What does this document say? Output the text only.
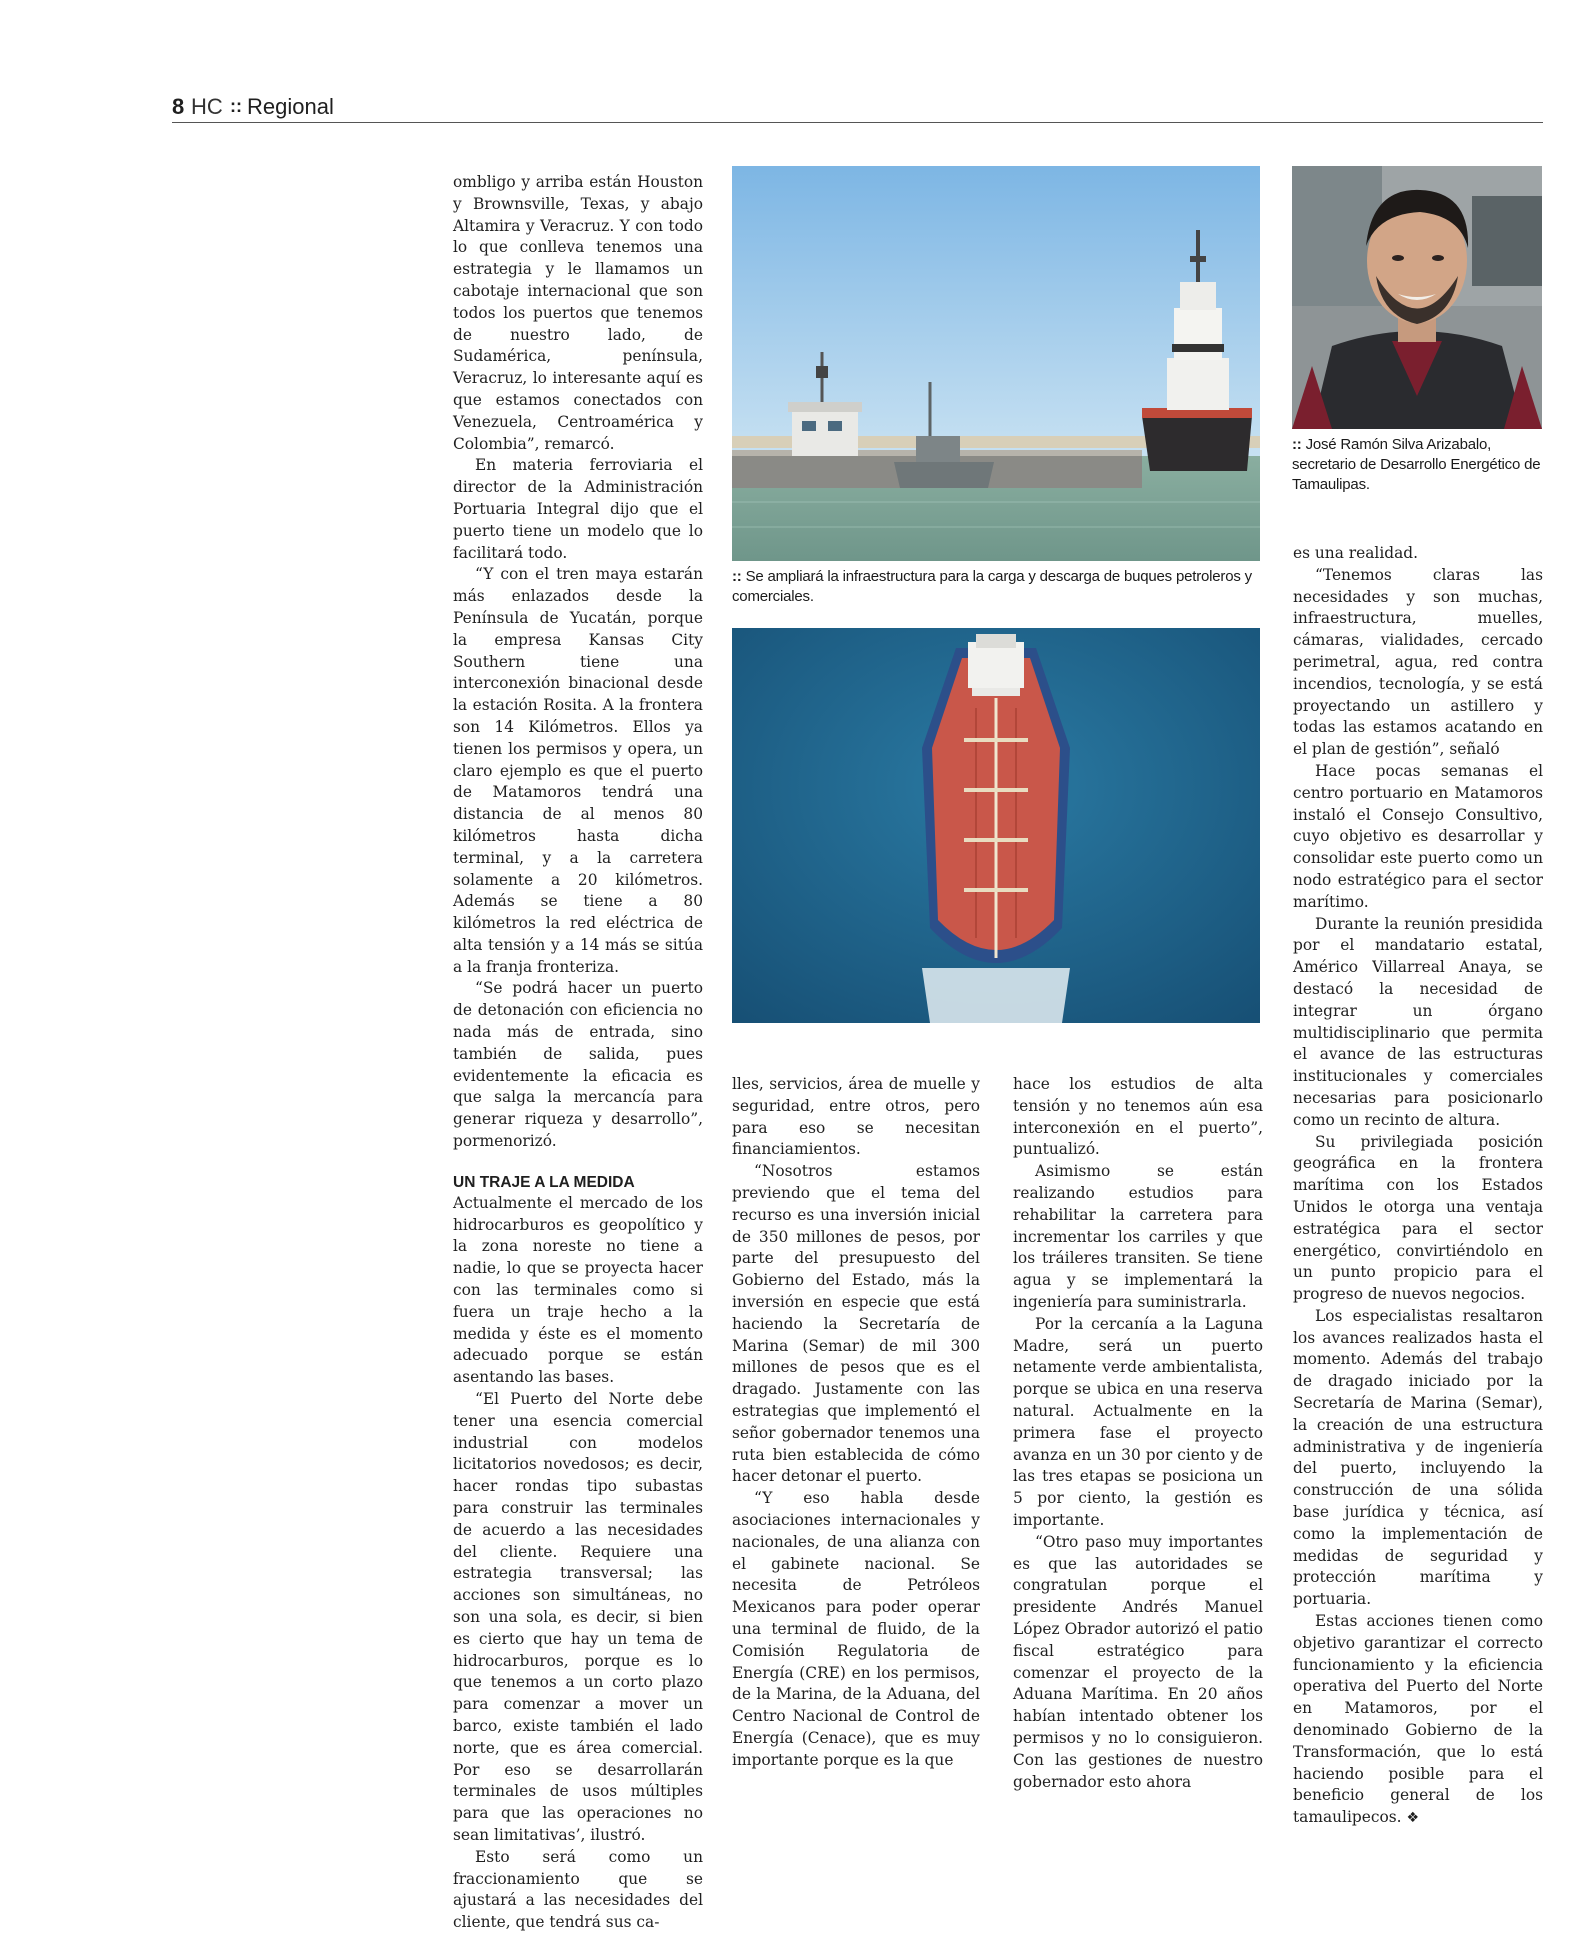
8 HC :: Regional

ombligo y arriba están Houston y Brownsville, Texas, y abajo Altamira y Veracruz. Y con todo lo que conlleva tenemos una estrategia y le llamamos un cabotaje internacional que son todos los puertos que tenemos de nuestro lado, de Sudamérica, península, Veracruz, lo interesante aquí es que estamos conectados con Venezuela, Centroamérica y Colombia”, remarcó.

En materia ferroviaria el director de la Administración Portuaria Integral dijo que el puerto tiene un modelo que lo facilitará todo.

“Y con el tren maya estarán más enlazados desde la Península de Yucatán, porque la empresa Kansas City Southern tiene una interconexión binacional desde la estación Rosita. A la frontera son 14 Kilómetros. Ellos ya tienen los permisos y opera, un claro ejemplo es que el puerto de Matamoros tendrá una distancia de al menos 80 kilómetros hasta dicha terminal, y a la carretera solamente a 20 kilómetros. Además se tiene a 80 kilómetros la red eléctrica de alta tensión y a 14 más se sitúa a la franja fronteriza.

“Se podrá hacer un puerto de detonación con eficiencia no nada más de entrada, sino también de salida, pues evidentemente la eficacia es que salga la mercancía para generar riqueza y desarrollo”, pormenorizó.

UN TRAJE A LA MEDIDA

Actualmente el mercado de los hidrocarburos es geopolítico y la zona noreste no tiene a nadie, lo que se proyecta hacer con las terminales como si fuera un traje hecho a la medida y éste es el momento adecuado porque se están asentando las bases.

“El Puerto del Norte debe tener una esencia comercial industrial con modelos licitatorios novedosos; es decir, hacer rondas tipo subastas para construir las terminales de acuerdo a las necesidades del cliente. Requiere una estrategia transversal; las acciones son simultáneas, no son una sola, es decir, si bien es cierto que hay un tema de hidrocarburos, porque es lo que tenemos a un corto plazo para comenzar a mover un barco, existe también el lado norte, que es área comercial. Por eso se desarrollarán terminales de usos múltiples para que las operaciones no sean limitativas’, ilustró.

Esto será como un fraccionamiento que se ajustará a las necesidades del cliente, que tendrá sus ca-

:: Se ampliará la infraestructura para la carga y descarga de buques petroleros y comerciales.
:: José Ramón Silva Arizabalo,
secretario de Desarrollo Energético de Tamaulipas.

lles, servicios, área de muelle y seguridad, entre otros, pero para eso se necesitan financiamientos.

“Nosotros estamos previendo que el tema del recurso es una inversión inicial de 350 millones de pesos, por parte del presupuesto del Gobierno del Estado, más la inversión en especie que está haciendo la Secretaría de Marina (Semar) de mil 300 millones de pesos que es el dragado. Justamente con las estrategias que implementó el señor gobernador tenemos una ruta bien establecida de cómo hacer detonar el puerto.

“Y eso habla desde asociaciones internacionales y nacionales, de una alianza con el gabinete nacional. Se necesita de Petróleos Mexicanos para poder operar una terminal de fluido, de la Comisión Regulatoria de Energía (CRE) en los permisos, de la Marina, de la Aduana, del Centro Nacional de Control de Energía (Cenace), que es muy importante porque es la que

hace los estudios de alta tensión y no tenemos aún esa interconexión en el puerto”, puntualizó.

Asimismo se están realizando estudios para rehabilitar la carretera para incrementar los carriles y que los tráileres transiten. Se tiene agua y se implementará la ingeniería para suministrarla.

Por la cercanía a la Laguna Madre, será un puerto netamente verde ambientalista, porque se ubica en una reserva natural. Actualmente en la primera fase el proyecto avanza en un 30 por ciento y de las tres etapas se posiciona un 5 por ciento, la gestión es importante.

“Otro paso muy importantes es que las autoridades se congratulan porque el presidente Andrés Manuel López Obrador autorizó el patio fiscal estratégico para comenzar el proyecto de la Aduana Marítima. En 20 años habían intentado obtener los permisos y no lo consiguieron. Con las gestiones de nuestro gobernador esto ahora

es una realidad.

“Tenemos claras las necesidades y son muchas, infraestructura, muelles, cámaras, vialidades, cercado perimetral, agua, red contra incendios, tecnología, y se está proyectando un astillero y todas las estamos acatando en el plan de gestión”, señaló

Hace pocas semanas el centro portuario en Matamoros instaló el Consejo Consultivo, cuyo objetivo es desarrollar y consolidar este puerto como un nodo estratégico para el sector marítimo.

Durante la reunión presidida por el mandatario estatal, Américo Villarreal Anaya, se destacó la necesidad de integrar un órgano multidisciplinario que permita el avance de las estructuras institucionales y comerciales necesarias para posicionarlo como un recinto de altura.

Su privilegiada posición geográfica en la frontera marítima con los Estados Unidos le otorga una ventaja estratégica para el sector energético, convirtiéndolo en un punto propicio para el progreso de nuevos negocios.

Los especialistas resaltaron los avances realizados hasta el momento. Además del trabajo de dragado iniciado por la Secretaría de Marina (Semar), la creación de una estructura administrativa y de ingeniería del puerto, incluyendo la construcción de una sólida base jurídica y técnica, así como la implementación de medidas de seguridad y protección marítima y portuaria.

Estas acciones tienen como objetivo garantizar el correcto funcionamiento y la eficiencia operativa del Puerto del Norte en Matamoros, por el denominado Gobierno de la Transformación, que lo está haciendo posible para el beneficio general de los tamaulipecos. ❖
